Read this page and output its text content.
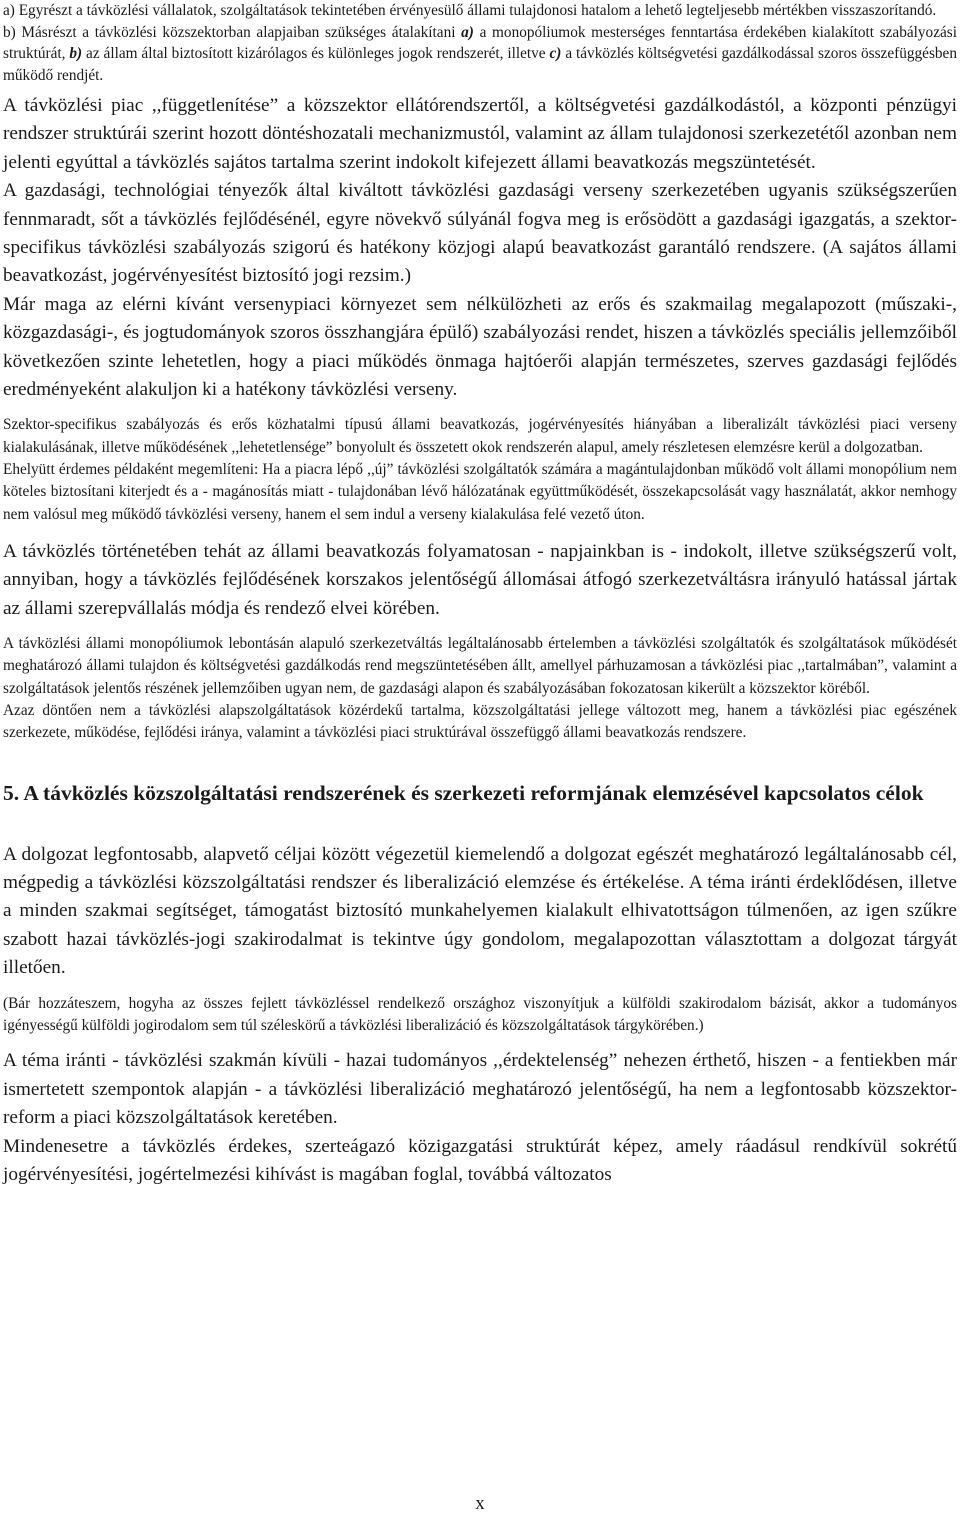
a) Egyrészt a távközlési vállalatok, szolgáltatások tekintetében érvényesülő állami tulajdonosi hatalom a lehető legteljesebb mértékben visszaszorítandó.

b) Másrészt a távközlési közszektorban alapjaiban szükséges átalakítani a) a monopóliumok mesterséges fenntartása érdekében kialakított szabályozási struktúrát, b) az állam által biztosított kizárólagos és különleges jogok rendszerét, illetve c) a távközlés költségvetési gazdálkodással szoros összefüggésben működő rendjét.

A távközlési piac ,,függetlenítése” a közszektor ellátórendszertől, a költségvetési gazdálkodástól, a központi pénzügyi rendszer struktúrái szerint hozott döntéshozatali mechanizmustól, valamint az állam tulajdonosi szerkezetétől azonban nem jelenti egyúttal a távközlés sajátos tartalma szerint indokolt kifejezett állami beavatkozás megszüntetését.

A gazdasági, technológiai tényezők által kiváltott távközlési gazdasági verseny szerkezetében ugyanis szükségszerűen fennmaradt, sőt a távközlés fejlődésénél, egyre növekvő súlyánál fogva meg is erősödött a gazdasági igazgatás, a szektor-specifikus távközlési szabályozás szigorú és hatékony közjogi alapú beavatkozást garantáló rendszere. (A sajátos állami beavatkozást, jogérvényesítést biztosító jogi rezsim.)

Már maga az elérni kívánt versenypiaci környezet sem nélkülözheti az erős és szakmailag megalapozott (műszaki-, közgazdasági-, és jogtudományok szoros összhangjára épülő) szabályozási rendet, hiszen a távközlés speciális jellemzőiből következően szinte lehetetlen, hogy a piaci működés önmaga hajtóerői alapján természetes, szerves gazdasági fejlődés eredményeként alakuljon ki a hatékony távközlési verseny.

Szektor-specifikus szabályozás és erős közhatalmi típusú állami beavatkozás, jogérvényesítés hiányában a liberalizált távközlési piaci verseny kialakulásának, illetve működésének ,,lehetetlensége” bonyolult és összetett okok rendszerén alapul, amely részletesen elemzésre kerül a dolgozatban.

Ehelyütt érdemes példaként megemlíteni: Ha a piacra lépő ,,új” távközlési szolgáltatók számára a magántulajdonban működő volt állami monopólium nem köteles biztosítani kiterjedt és a - magánosítás miatt - tulajdonában lévő hálózatának együttműködését, összekapcsolását vagy használatát, akkor nemhogy nem valósul meg működő távközlési verseny, hanem el sem indul a verseny kialakulása felé vezető úton.

A távközlés történetében tehát az állami beavatkozás folyamatosan - napjainkban is - indokolt, illetve szükségszerű volt, annyiban, hogy a távközlés fejlődésének korszakos jelentőségű állomásai átfogó szerkezetváltásra irányuló hatással jártak az állami szerepvállalás módja és rendező elvei körében.

A távközlési állami monopóliumok lebontásán alapuló szerkezetváltás legáltalánosabb értelemben a távközlési szolgáltatók és szolgáltatások működését meghatározó állami tulajdon és költségvetési gazdálkodás rend megszüntetésében állt, amellyel párhuzamosan a távközlési piac ,,tartalmában”, valamint a szolgáltatások jelentős részének jellemzőiben ugyan nem, de gazdasági alapon és szabályozásában fokozatosan kikerült a közszektor köréből.

Azaz döntően nem a távközlési alapszolgáltatások közérdekű tartalma, közszolgáltatási jellege változott meg, hanem a távközlési piac egészének szerkezete, működése, fejlődési iránya, valamint a távközlési piaci struktúrával összefüggő állami beavatkozás rendszere.

5. A távközlés közszolgáltatási rendszerének és szerkezeti reformjának elemzésével kapcsolatos célok

A dolgozat legfontosabb, alapvető céljai között végezetül kiemelendő a dolgozat egészét meghatározó legáltalánosabb cél, mégpedig a távközlési közszolgáltatási rendszer és liberalizáció elemzése és értékelése. A téma iránti érdeklődésen, illetve a minden szakmai segítséget, támogatást biztosító munkahelyemen kialakult elhivatottságon túlmenően, az igen szűkre szabott hazai távközlés-jogi szakirodalmat is tekintve úgy gondolom, megalapozottan választottam a dolgozat tárgyát illetően.

(Bár hozzáteszem, hogyha az összes fejlett távközléssel rendelkező országhoz viszonyítjuk a külföldi szakirodalom bázisát, akkor a tudományos igényességű külföldi jogirodalom sem túl széleskörű a távközlési liberalizáció és közszolgáltatások tárgykörében.)

A téma iránti - távközlési szakmán kívüli - hazai tudományos ,,érdektelenség” nehezen érthető, hiszen - a fentiekben már ismertetett szempontok alapján - a távközlési liberalizáció meghatározó jelentőségű, ha nem a legfontosabb közszektor-reform a piaci közszolgáltatások keretében.

Mindenesetre a távközlés érdekes, szerteágazó közigazgatási struktúrát képez, amely ráadásul rendkívül sokrétű jogérvényesítési, jogértelmezési kihívást is magában foglal, továbbá változatos

x
